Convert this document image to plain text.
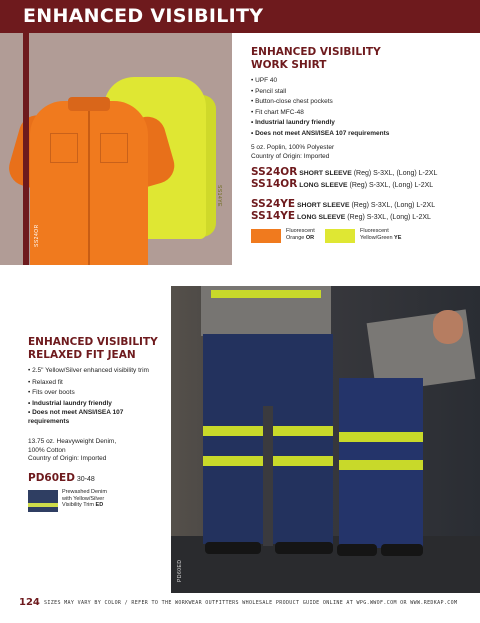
ENHANCED VISIBILITY
SS24OR
SS14YE
ENHANCED VISIBILITY
WORK SHIRT
• UPF 40
• Pencil stall
• Button-close chest pockets
• Fit chart MFC-48
• Industrial laundry friendly
• Does not meet ANSI/ISEA 107 requirements
5 oz. Poplin, 100% Polyester
Country of Origin: Imported
SS24OR SHORT SLEEVE (Reg) S-3XL, (Long) L-2XL
SS14OR LONG SLEEVE (Reg) S-3XL, (Long) L-2XL
SS24YE SHORT SLEEVE (Reg) S-3XL, (Long) L-2XL
SS14YE LONG SLEEVE (Reg) S-3XL, (Long) L-2XL
Fluorescent
Orange OR
Fluorescent
Yellow/Green YE
PD60ED
ENHANCED VISIBILITY
RELAXED FIT JEAN
• 2.5" Yellow/Silver enhanced visibility trim
• Relaxed fit
• Fits over boots
• Industrial laundry friendly
• Does not meet ANSI/ISEA 107 requirements
13.75 oz. Heavyweight Denim,
100% Cotton
Country of Origin: Imported
PD60ED 30-48
Prewashed Denim
with Yellow/Silver
Visibility Trim ED
124 SIZES MAY VARY BY COLOR / REFER TO THE WORKWEAR OUTFITTERS WHOLESALE PRODUCT GUIDE ONLINE AT WPG.WWOF.COM OR WWW.REDKAP.COM
